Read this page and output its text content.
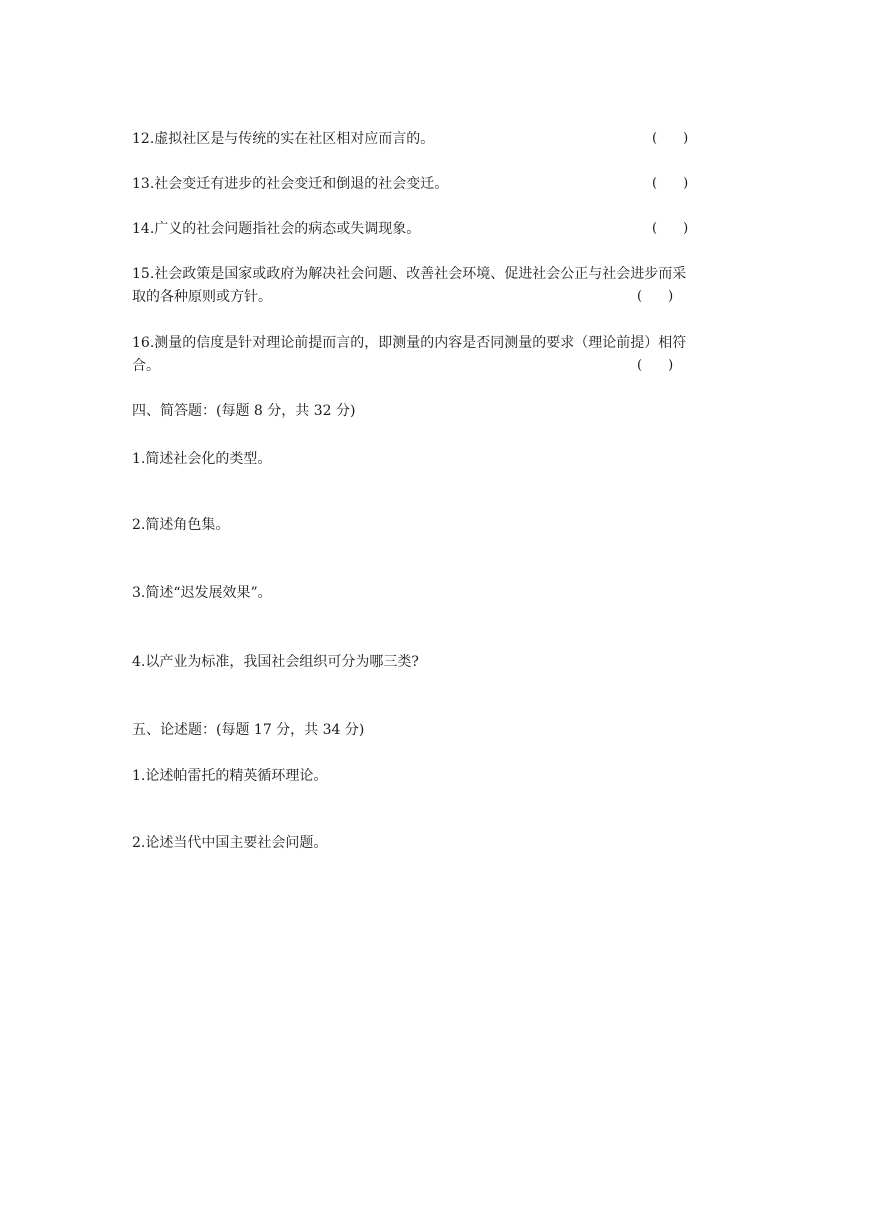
12.虚拟社区是与传统的实在社区相对应而言的。	(　　)
13.社会变迁有进步的社会变迁和倒退的社会变迁。	(　　)
14.广义的社会问题指社会的病态或失调现象。	(　　)
15.社会政策是国家或政府为解决社会问题、改善社会环境、促进社会公正与社会进步而采
取的各种原则或方针。	(　　)
16.测量的信度是针对理论前提而言的，即测量的内容是否同测量的要求（理论前提）相符
合。	(　　)
四、简答题：(每题 8 分，共 32 分)
1.简述社会化的类型。
2.简述角色集。
3.简述“迟发展效果”。
4.以产业为标准，我国社会组织可分为哪三类?
五、论述题：(每题 17 分，共 34 分)
1.论述帕雷托的精英循环理论。
2.论述当代中国主要社会问题。
